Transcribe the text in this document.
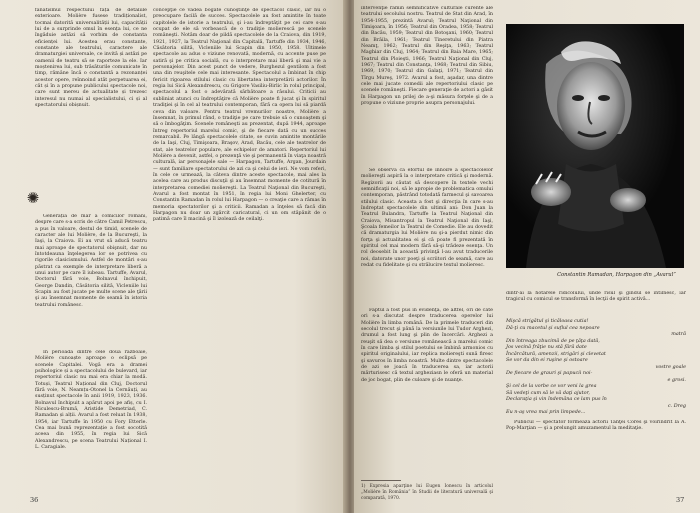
fanatismul respectului față de detaliile exterioare. Molière fusese tradiționalist, tocmai datorită universalității lui, capacității lui de a surprinde omul în esența lui, ce ne îngăduie astăzi să vorbim de constanta eficienței lui. Acestea erau constante, constante ale teatrului, caractere ale dramaturgiei universale, ce invită și astăzi pe oamenii de teatru să se raporteze la ele. Iar moștenirea lui, sub trăsăturile comunicate în timp, rămâne încă o constantă a rezonanței acestor opere, reînnoind atât perpetuarea ei, cât și în a propune publicului spectacole noi, care sunt mereu de actualitate și trezesc interesul nu numai al specialistului, ci și al spectatorului obișnuit.

✺

Generația de mar a comicilor români, despre care s-a scris de către Camil Petrescu, a pus în valoare, destul de timid, scenele de caracter ale lui Molière, de la Bucureşti, la Iaşi, la Craiova. Ei au vrut să aducă teatru mai aproape de spectatorul obişnuit, dar nu întotdeauna înţelegerea lor se potrivea cu rigorile clasicismului. Astfel de montări s-au păstrat ca exemple de interpretare liberă a unui autor pe care îl iubeau. Tartuffe, Avarul, Doctorul fără voie, Bolnavul închipuit, George Dandin, Căsătoria silită, Vicleniile lui Scapin au fost jucate pe multe scene ale ţării şi au însemnat momente de seamă în istoria teatrului românesc.

În perioada dintre cele două războaie, Molière cunoaște aproape o eclipsă pe scenele Capitalei. Vogă era a dramei psihologice și a spectacolului de bulevard, iar repertoriul clasic nu mai era chiar la modă. Totuși, Teatrul Național din Cluj, Doctorul fără voie, N. Neamțu-Otonel la Cernăuți, au susținut spectacole în anii 1919, 1923, 1936. Bolnavul închipuit a apărut apoi pe afiș, cu I. Niculescu-Brumă, Aristide Demetriad, C. Ramadan și alții. Avarul a fost reluat în 1938, 1954, iar Tartuffe în 1950 cu Fory Etterle. Cea mai bună reprezentație a fost socotită aceea din 1955, în regia lui Sică Alexandrescu, pe scena Teatrului Național I. L. Caragiale.

concepţie ce vădea bogate cunoştinţe de spectacol clasic, iar nu o preocupare facilă de succes. Spectacolele au fost amintite în toate capitolele de istorie a teatrului, şi i-au îndreptăţit pe cei care s-au ocupat de ele să vorbească de o tradiţie molierescă pe scenele româneşti. Notăm doar de pildă spectacolele de la Craiova, din 1919, 1921, 1927, la Teatrul Naţional din Capitală, Tartuffe din 1934, 1946, Căsătoria silită, Vicleniile lui Scapin din 1950, 1958. Ultimele spectacole au adus o viziune renovată, modernă, cu accente puse pe satiră şi pe critica socială, cu o interpretare mai liberă şi mai vie a personajelor. Din acest punct de vedere, Burghezul gentilom a fost una din reuşitele cele mai interesante. Spectacolul a îmbinat în chip fericit rigoarea stilului clasic cu libertatea interpretării actorilor. În regia lui Sică Alexandrescu, cu Grigore Vasiliu-Birlic în rolul principal, spectacolul a fost o adevărată sărbătoare a râsului. Criticii au subliniat atunci cu îndreptăţire că Molière poate fi jucat şi în spiritul tradiţiei şi în cel al teatrului contemporan, fără ca opera lui să piardă ceva din valoare. Pentru teatrul vremurilor noastre, Molière a însemnat, în primul rând, o tradiţie pe care trebuie să o cunoaştem şi să o îmbogăţim. Scenele româneşti au prezentat, după 1944, aproape întreg repertoriul marelui comic, şi de fiecare dată cu un succes remarcabil. Pe lângă spectacolele citate, se cuvin amintite montările de la Iaşi, Cluj, Timişoara, Braşov, Arad, Bacău, cele ale teatrelor de stat, ale teatrelor populare, ale echipelor de amatori. Repertoriul lui Molière a devenit, astfel, o prezenţă vie şi permanentă în viaţa noastră culturală, iar personajele sale — Harpagon, Tartuffe, Argan, Jourdain — sunt familiare spectatorului de azi ca şi celui de ieri. Ne vom referi, în cele ce urmează, la câteva dintre aceste spectacole, mai ales la acelea care au produs discuţii şi au însemnat momente de cotitură în interpretarea comediei moliereşti. La Teatrul Naţional din Bucureşti, Avarul a fost montat în 1951, în regia lui Moni Ghelerter, cu Constantin Ramadan în rolul lui Harpagon — o creaţie care a rămas în memoria spectatorilor şi a criticii. Ramadan a înţeles să facă din Harpagon nu doar un zgârcit caricatural, ci un om stăpânit de o patimă care îl macină şi îl izolează de ceilalţi.

36

intervenţie rămîn semnificative culturale curente ale teatrului secolului nostru. Teatrul de Stat din Arad, în 1954-1955, prezintă Avarul; Teatrul Naţional din Timişoara, în 1956; Teatrul din Oradea, 1958; Teatrul din Bacău, 1959; Teatrul din Botoşani, 1960; Teatrul din Brăila, 1961; Teatrul Tineretului din Piatra Neamţ, 1962; Teatrul din Reşiţa, 1963; Teatrul Maghiar din Cluj, 1964; Teatrul din Baia Mare, 1965; Teatrul din Ploieşti, 1966; Teatrul Naţional din Cluj, 1967; Teatrul din Constanţa, 1968; Teatrul din Sibiu, 1969, 1970; Teatrul din Galaţi, 1971; Teatrul din Tîrgu Mureş, 1972. Avarul a fost, aşadar, una dintre cele mai jucate comedii ale repertoriului clasic pe scenele româneşti. Fiecare generaţie de actori a găsit în Harpagon un prilej de a-şi măsura forţele şi de a propune o viziune proprie asupra personajului.

Se observă că efortul de înnoire a spectacolelor moliereşti aspiră la o interpretare critică şi modernă. Regizorii au căutat să descopere în textele vechi semnificaţii noi, să le apropie de problematica omului contemporan, păstrând totodată farmecul şi savoarea stilului clasic. Aceasta a fost şi direcţia în care s-au îndreptat spectacolele din ultimii ani: Don Juan la Teatrul Bulandra, Tartuffe la Teatrul Naţional din Craiova, Misantropul la Teatrul Naţional din Iaşi, Şcoala femeilor la Teatrul de Comedie. Ele au dovedit că dramaturgia lui Molière nu şi-a pierdut nimic din forţa şi actualitatea ei şi că poate fi prezentată în spiritul cel mai modern fără să-şi trădeze esenţa. Un rol deosebit în această privinţă l-au avut traducerile noi, datorate unor poeţi şi scriitori de seamă, care au redat cu fidelitate şi cu strălucire textul molieresc.

Faptul a fost pus în evidenţă, de altfel, ori de câte ori s-a discutat despre traducerea operelor lui Molière în limba română. De la primele traduceri din secolul trecut şi până la versiunile lui Tudor Arghezi, drumul a fost lung şi plin de încercări. Arghezi a reuşit să dea o versiune românească a marelui comic în care limba şi stilul poetului se îmbină armonios cu spiritul originalului, iar replica moliereşti sună firesc şi savuros în limba noastră. Multe dintre spectacolele de azi se joacă în traducerea sa, iar actorii mărturisesc că textul argheziasn le oferă un material de joc bogat, plin de culoare şi de nuanţe.

1) Expresia aparţine lui Eugen Ionescu în articolul „Molière în România” în Studii de literatură universală şi comparată, 1970.
Constantin Ramadan, Harpagon din „Avarul”

dintr-ai la hotarele ridicolului, unde rîsul şi gîndul se întîlnesc, iar tragicul cu comicul se transformă în lecţii de spirit activă...

Mişcă strigătul şi ticăloasa cutia!
Dă-ţi cu macetul şi suflul cea nepoare
matră
Din întreaga zbucimă de pe ţâţa dată,
Jos vecină frăţie nu stă fără date
Încărcătură, amenzii, strigări şi clevetat
Se vor da din ei ruşine şi ostoare
vostre goale
De fiecare de grauri şi papucii noi-
e grosi.
Şi cel de la vorbe ce vor veni la grea
Să vedeţi cum să le vă daţi ajutor,
Declaraţia şi vin îndemâna ce lam pus în
c. Dreg
Eu n-aş vrea mai prin limpede...

Publicul — spectator formează actorii Tanţei Cores şi voirindrit la A. Pop-Marţian — şi a prelungit amuzamentul la meditaţie.

37
